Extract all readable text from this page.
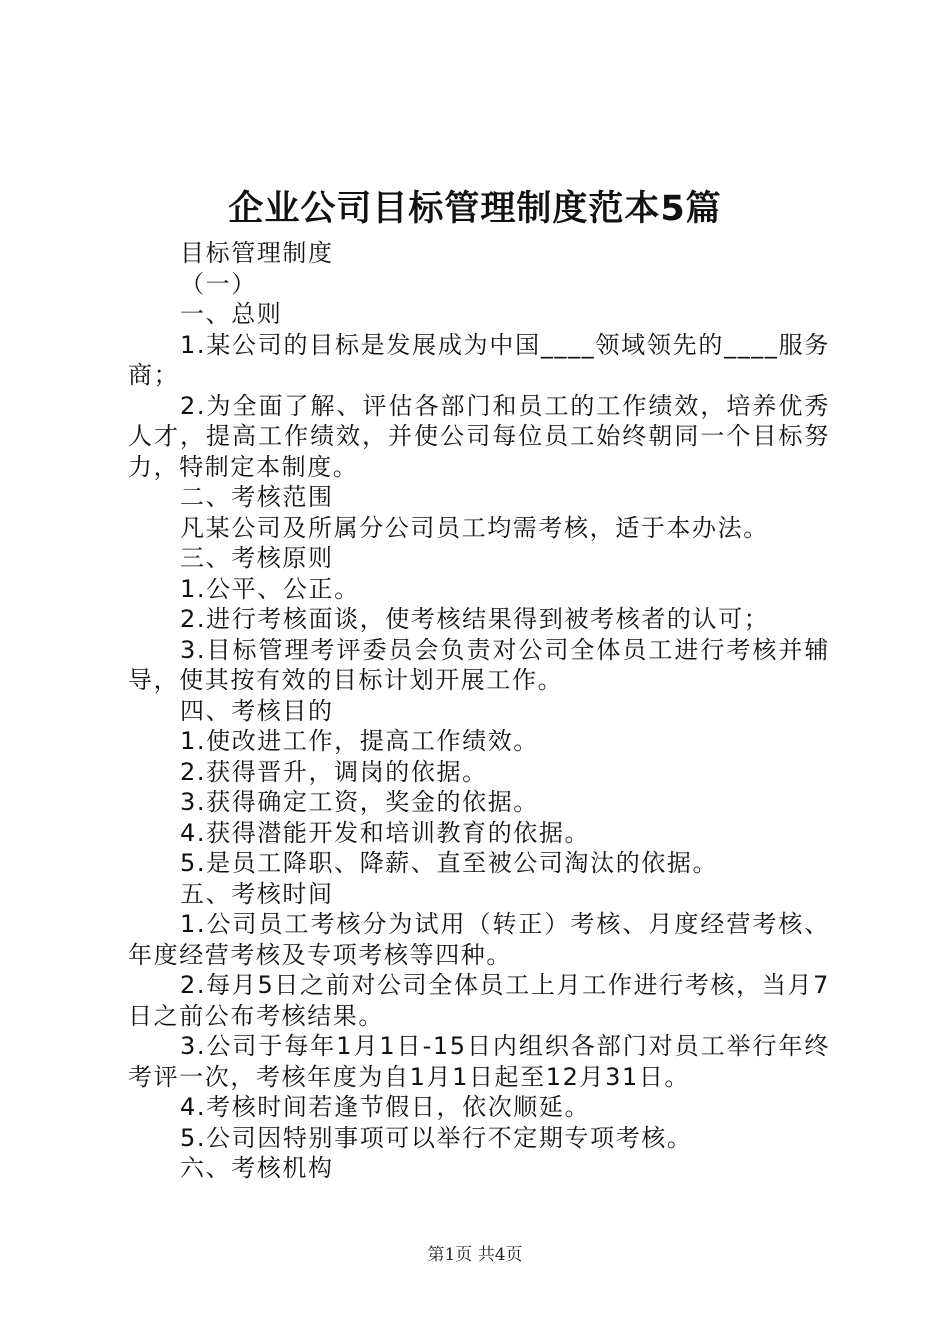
企业公司目标管理制度范本5篇

目标管理制度

（一）

一、总则

1.某公司的目标是发展成为中国____领域领先的____服务商；

2.为全面了解、评估各部门和员工的工作绩效，培养优秀人才，提高工作绩效，并使公司每位员工始终朝同一个目标努力，特制定本制度。

二、考核范围

凡某公司及所属分公司员工均需考核，适于本办法。

三、考核原则

1.公平、公正。

2.进行考核面谈，使考核结果得到被考核者的认可；

3.目标管理考评委员会负责对公司全体员工进行考核并辅导，使其按有效的目标计划开展工作。

四、考核目的

1.使改进工作，提高工作绩效。

2.获得晋升，调岗的依据。

3.获得确定工资，奖金的依据。

4.获得潜能开发和培训教育的依据。

5.是员工降职、降薪、直至被公司淘汰的依据。

五、考核时间

1.公司员工考核分为试用（转正）考核、月度经营考核、年度经营考核及专项考核等四种。

2.每月5日之前对公司全体员工上月工作进行考核，当月7日之前公布考核结果。

3.公司于每年1月1日-15日内组织各部门对员工举行年终考评一次，考核年度为自1月1日起至12月31日。

4.考核时间若逢节假日，依次顺延。

5.公司因特别事项可以举行不定期专项考核。

六、考核机构

第1页 共4页
